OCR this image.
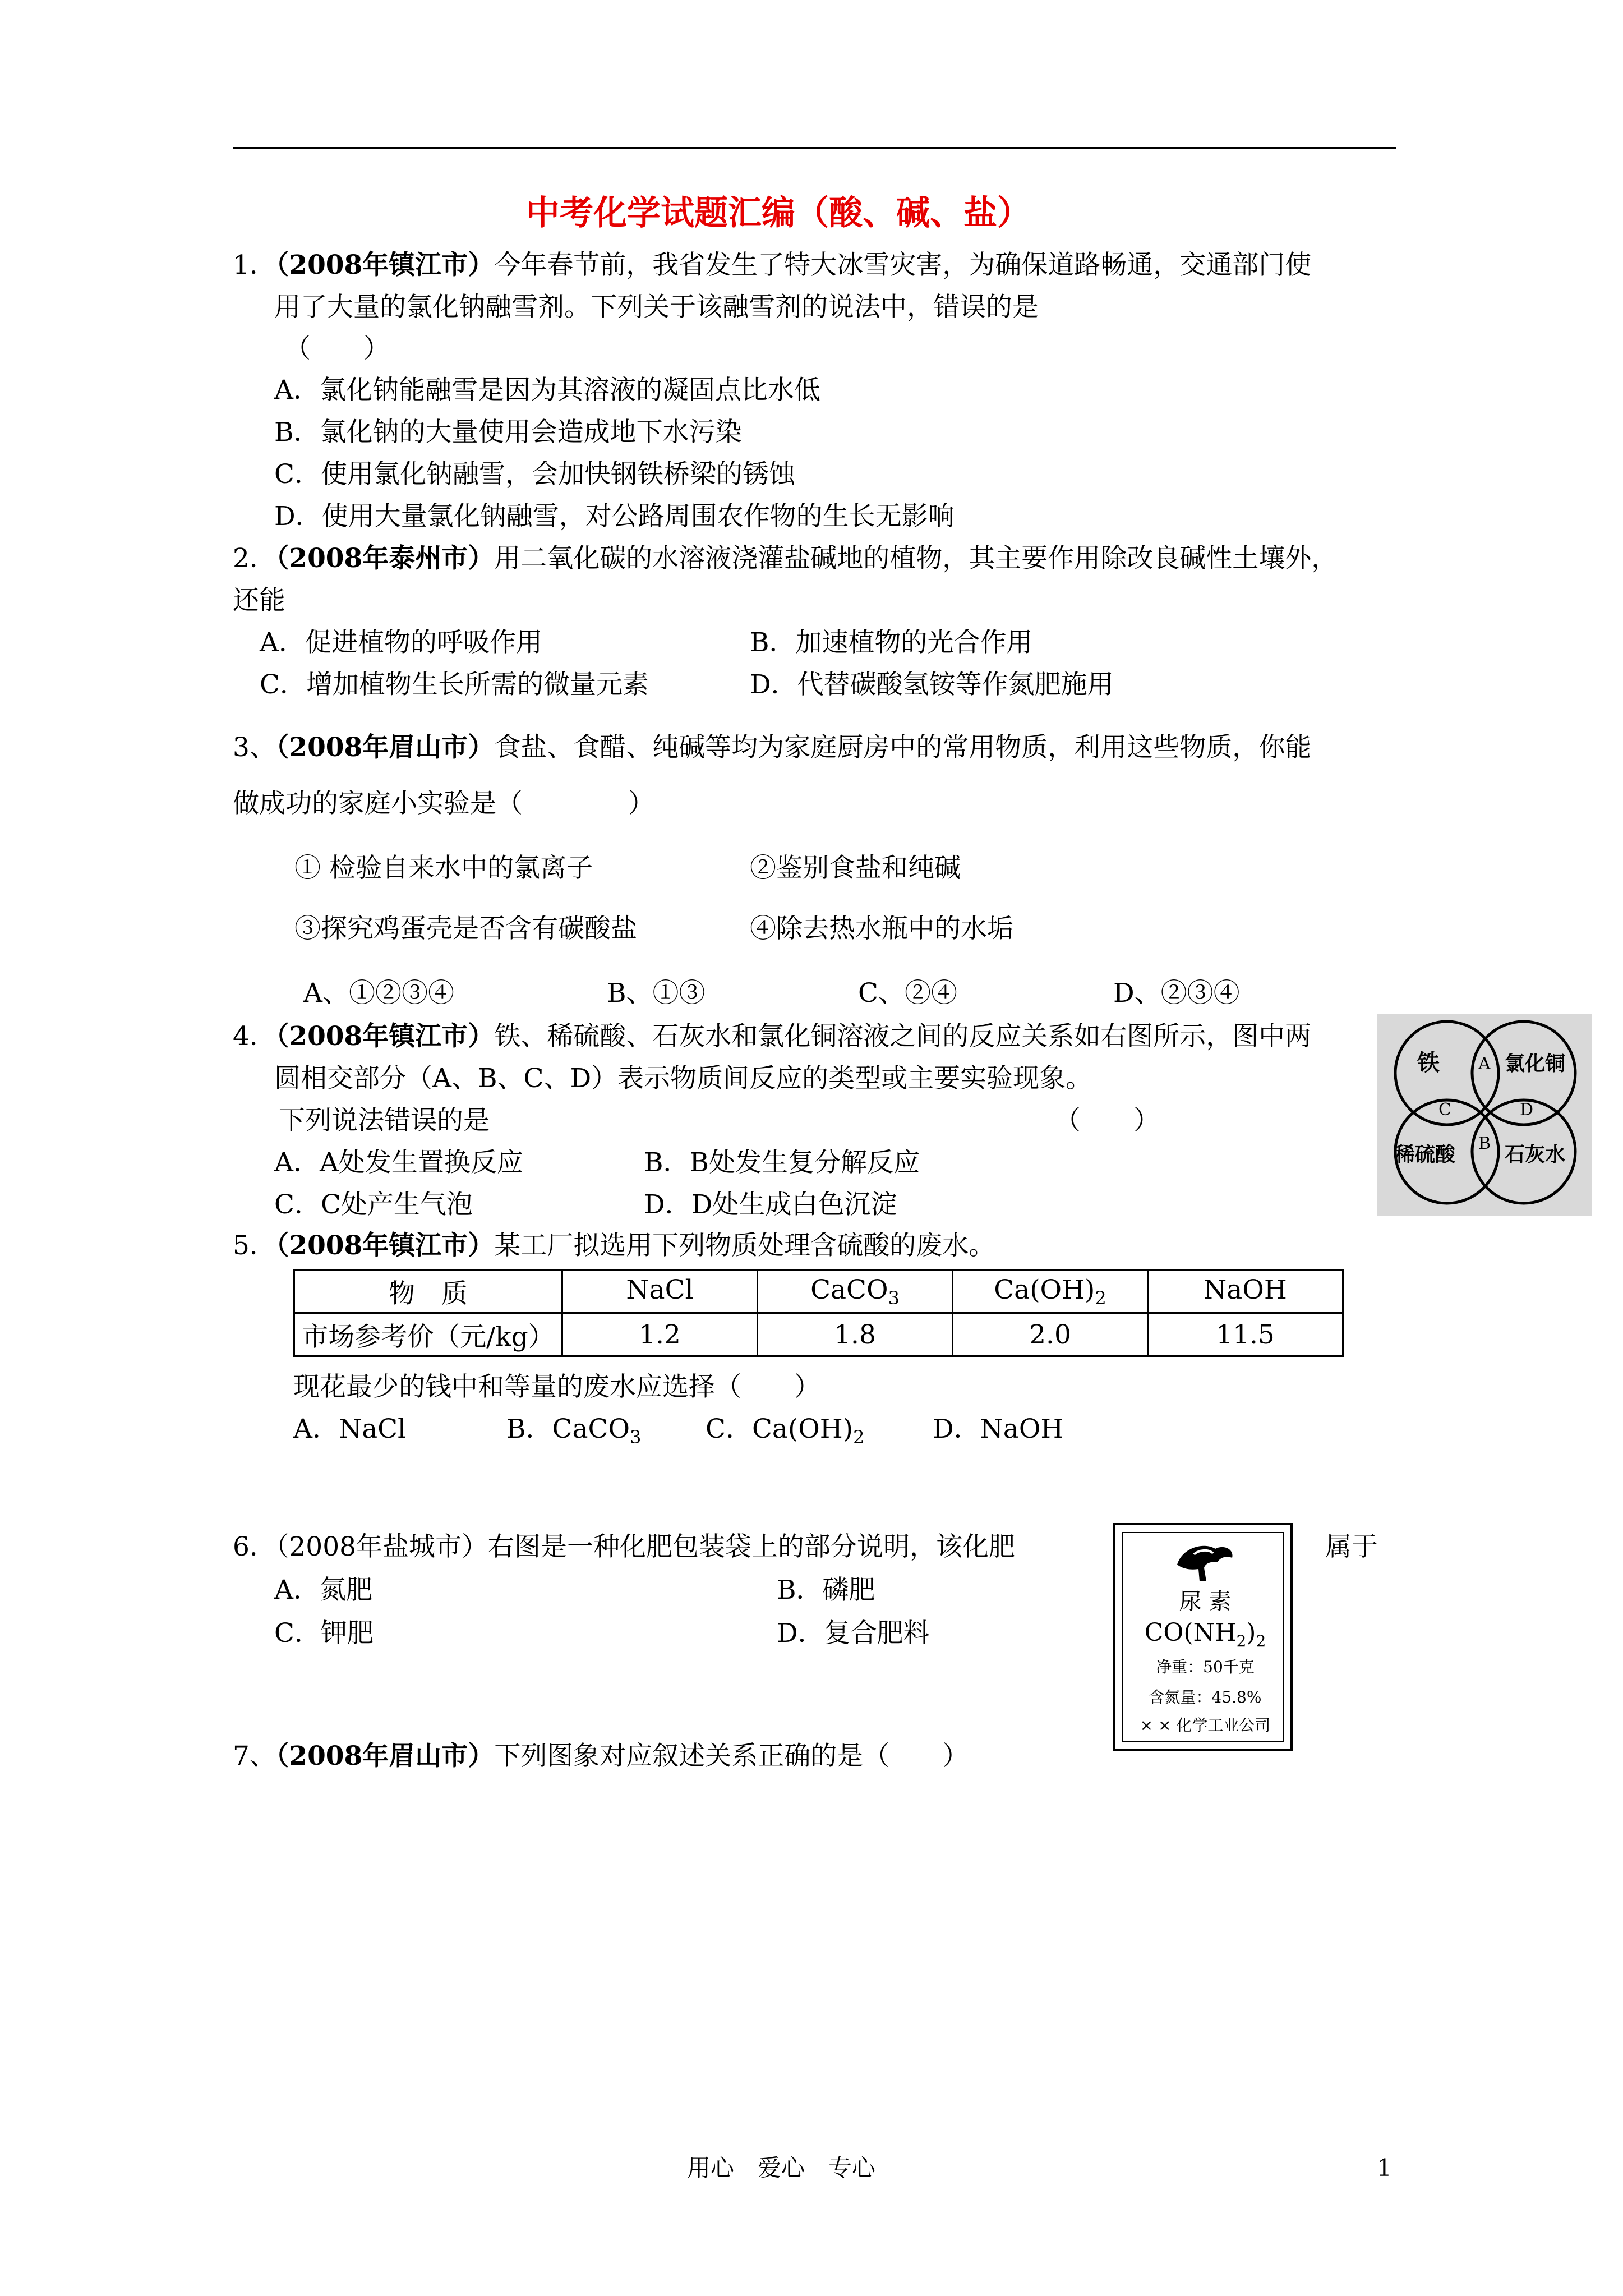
中考化学试题汇编（酸、碱、盐）
1．（2008年镇江市）今年春节前，我省发生了特大冰雪灾害，为确保道路畅通，交通部门使
用了大量的氯化钠融雪剂。下列关于该融雪剂的说法中，错误的是
（　　）
A．氯化钠能融雪是因为其溶液的凝固点比水低
B．氯化钠的大量使用会造成地下水污染
C．使用氯化钠融雪，会加快钢铁桥梁的锈蚀
D．使用大量氯化钠融雪，对公路周围农作物的生长无影响
2．（2008年泰州市）用二氧化碳的水溶液浇灌盐碱地的植物，其主要作用除改良碱性土壤外，
还能
A．促进植物的呼吸作用	B．加速植物的光合作用
C．增加植物生长所需的微量元素	D．代替碳酸氢铵等作氮肥施用
3、（2008年眉山市）食盐、食醋、纯碱等均为家庭厨房中的常用物质，利用这些物质，你能
做成功的家庭小实验是（　　　　）
① 检验自来水中的氯离子	②鉴别食盐和纯碱
③探究鸡蛋壳是否含有碳酸盐	④除去热水瓶中的水垢
A、①②③④	B、①③	C、②④	D、②③④
4．（2008年镇江市）铁、稀硫酸、石灰水和氯化铜溶液之间的反应关系如右图所示，图中两
圆相交部分（A、B、C、D）表示物质间反应的类型或主要实验现象。
下列说法错误的是	（　　）
A．A处发生置换反应	B．B处发生复分解反应
C．C处产生气泡	D．D处生成白色沉淀
铁	氯化铜
稀硫酸 石灰水
A
B
C	D
5．（2008年镇江市）某工厂拟选用下列物质处理含硫酸的废水。
物　质	NaCl	CaCO$_3$	$Ca(OH)_2$	NaOH
市场参考价（元/kg）	1.2	1.8	2.0	11.5
现花最少的钱中和等量的废水应选择（　　）
A．NaCl	B．CaCO$_3$ C．$Ca(OH)_2$	D．NaOH
6．（2008年盐城市）右图是一种化肥包装袋上的部分说明，该化肥	属于
A．氮肥	B．磷肥
C．钾肥	D．复合肥料
尿 素
$CO(NH_2)_2$
净重：50千克
含氮量：45.8%
× × 化学工业公司
7、（2008年眉山市）下列图象对应叙述关系正确的是（　　）
用心　爱心　专心	1
